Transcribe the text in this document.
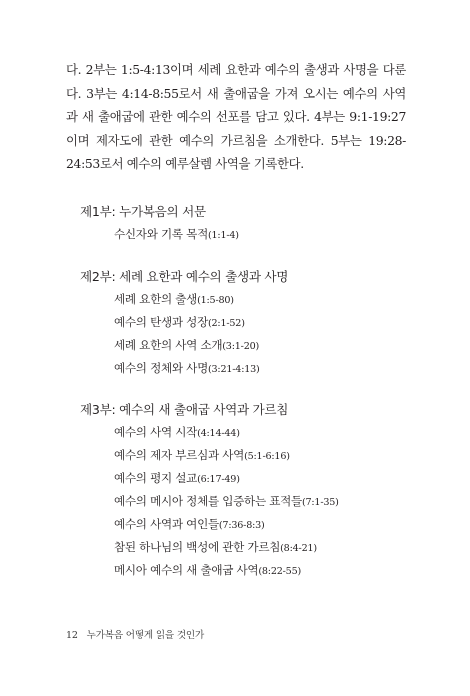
다. 2부는 1:5-4:13이며 세례 요한과 예수의 출생과 사명을 다룬다. 3부는 4:14-8:55로서 새 출애굽을 가져 오시는 예수의 사역과 새 출애굽에 관한 예수의 선포를 담고 있다. 4부는 9:1-19:27이며 제자도에 관한 예수의 가르침을 소개한다. 5부는 19:28-24:53로서 예수의 예루살렘 사역을 기록한다.

제1부: 누가복음의 서문
수신자와 기록 목적(1:1-4)
제2부: 세례 요한과 예수의 출생과 사명
세례 요한의 출생(1:5-80)
예수의 탄생과 성장(2:1-52)
세례 요한의 사역 소개(3:1-20)
예수의 정체와 사명(3:21-4:13)
제3부: 예수의 새 출애굽 사역과 가르침
예수의 사역 시작(4:14-44)
예수의 제자 부르심과 사역(5:1-6:16)
예수의 평지 설교(6:17-49)
예수의 메시아 정체를 입증하는 표적들(7:1-35)
예수의 사역과 여인들(7:36-8:3)
참된 하나님의 백성에 관한 가르침(8:4-21)
메시아 예수의 새 출애굽 사역(8:22-55)
12 누가복음 어떻게 읽을 것인가
